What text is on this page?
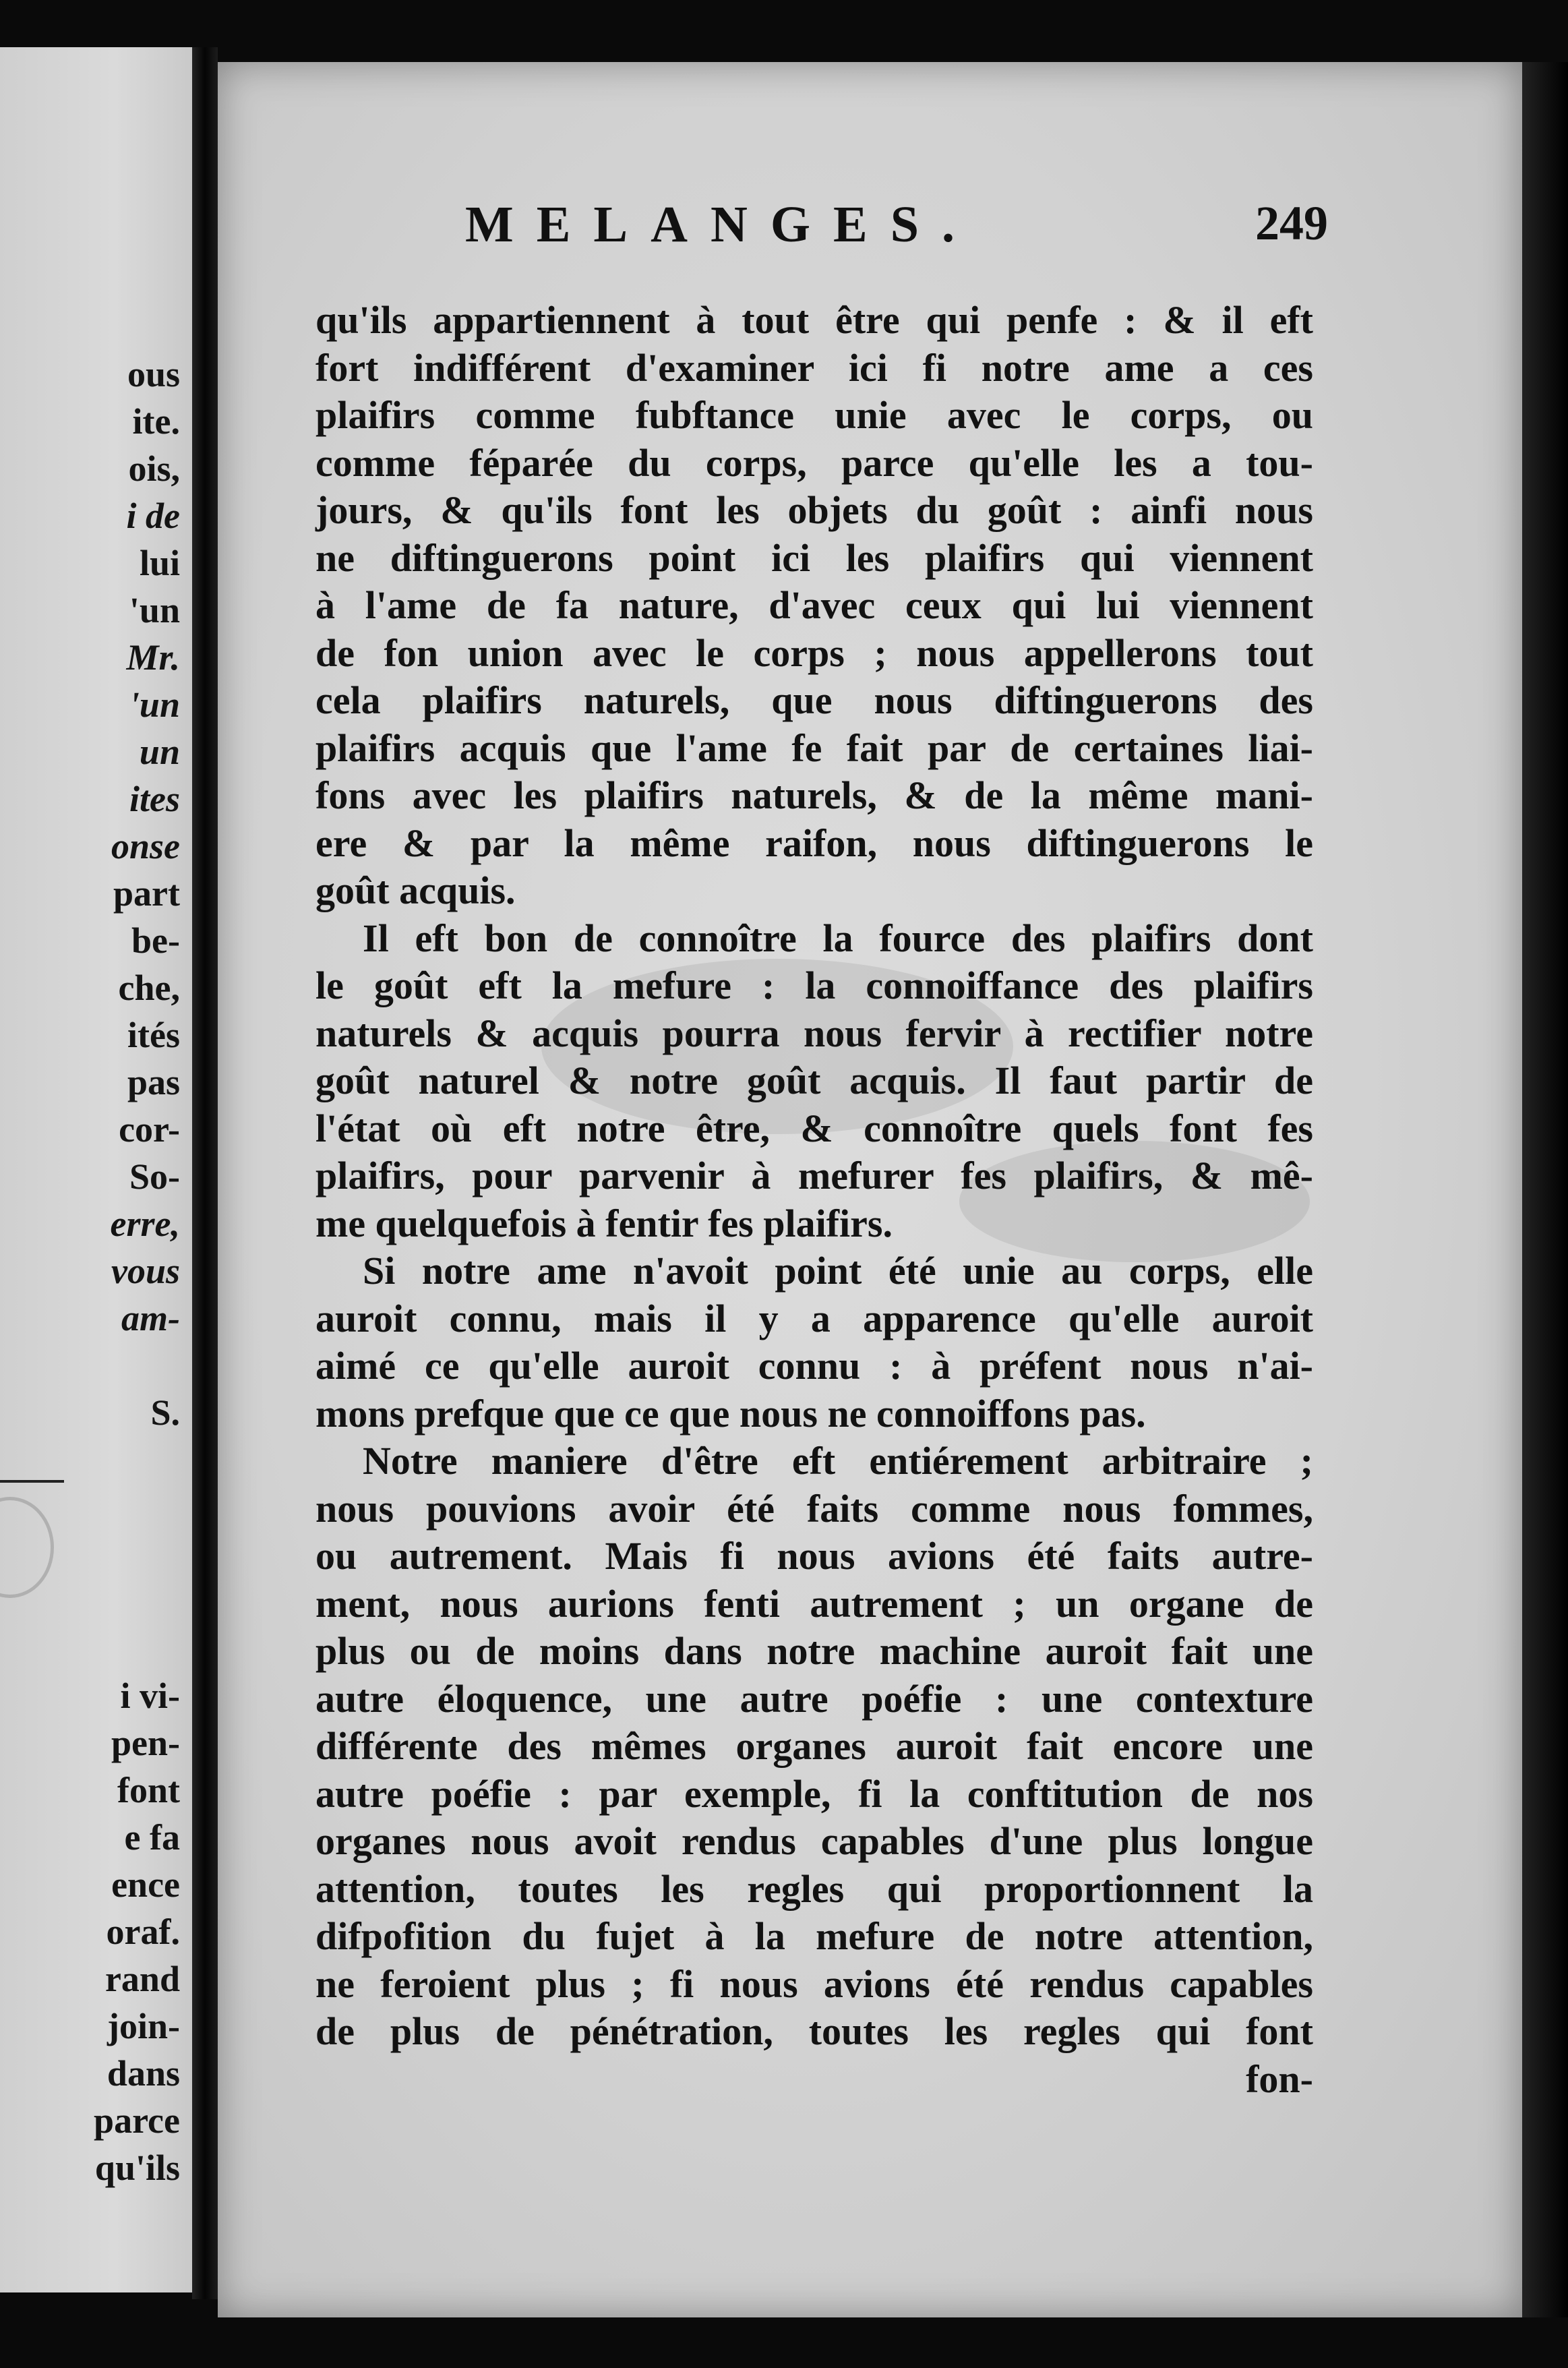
ous
ite.
ois,
i de
lui
'un
Mr.
'un
un
ites
onse
part
be-
che,
ités
pas
cor-
So-
erre,
vous
am-
S.
i vi-
pen-
font
e fa
ence
oraf.
rand
join-
dans
parce
qu'ils
MELANGES.	249
qu'ils appartiennent à tout être qui penfe : & il eft
fort indifférent d'examiner ici fi notre ame a ces
plaifirs comme fubftance unie avec le corps, ou
comme féparée du corps, parce qu'elle les a tou-
jours, & qu'ils font les objets du goût : ainfi nous
ne diftinguerons point ici les plaifirs qui viennent
à l'ame de fa nature, d'avec ceux qui lui viennent
de fon union avec le corps ; nous appellerons tout
cela plaifirs naturels, que nous diftinguerons des
plaifirs acquis que l'ame fe fait par de certaines liai-
fons avec les plaifirs naturels, & de la même mani-
ere & par la même raifon, nous diftinguerons le
goût acquis.
Il eft bon de connoître la fource des plaifirs dont
le goût eft la mefure : la connoiffance des plaifirs
naturels & acquis pourra nous fervir à rectifier notre
goût naturel & notre goût acquis. Il faut partir de
l'état où eft notre être, & connoître quels font fes
plaifirs, pour parvenir à mefurer fes plaifirs, & mê-
me quelquefois à fentir fes plaifirs.
Si notre ame n'avoit point été unie au corps, elle
auroit connu, mais il y a apparence qu'elle auroit
aimé ce qu'elle auroit connu : à préfent nous n'ai-
mons prefque que ce que nous ne connoiffons pas.
Notre maniere d'être eft entiérement arbitraire ;
nous pouvions avoir été faits comme nous fommes,
ou autrement. Mais fi nous avions été faits autre-
ment, nous aurions fenti autrement ; un organe de
plus ou de moins dans notre machine auroit fait une
autre éloquence, une autre poéfie : une contexture
différente des mêmes organes auroit fait encore une
autre poéfie : par exemple, fi la conftitution de nos
organes nous avoit rendus capables d'une plus longue
attention, toutes les regles qui proportionnent la
difpofition du fujet à la mefure de notre attention,
ne feroient plus ; fi nous avions été rendus capables
de plus de pénétration, toutes les regles qui font
fon-
